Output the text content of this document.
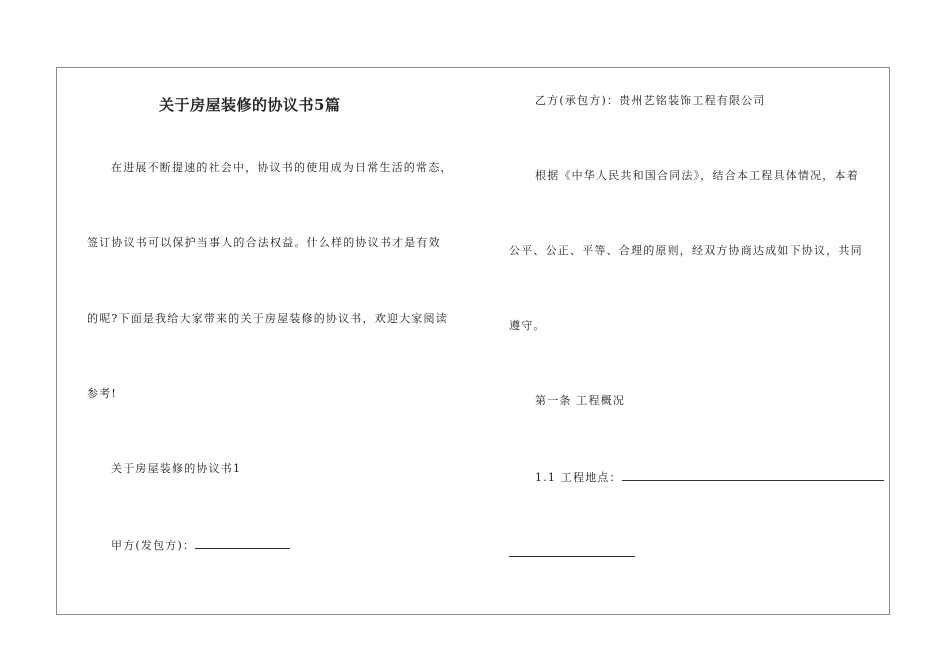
关于房屋装修的协议书5篇
在进展不断提速的社会中，协议书的使用成为日常生活的常态，
签订协议书可以保护当事人的合法权益。什么样的协议书才是有效
的呢?下面是我给大家带来的关于房屋装修的协议书，欢迎大家阅读
参考!
关于房屋装修的协议书1
甲方(发包方)：
乙方(承包方)：贵州艺铭装饰工程有限公司
根据《中华人民共和国合同法》，结合本工程具体情况，本着
公平、公正、平等、合理的原则，经双方协商达成如下协议，共同
遵守。
第一条 工程概况
1.1 工程地点：
